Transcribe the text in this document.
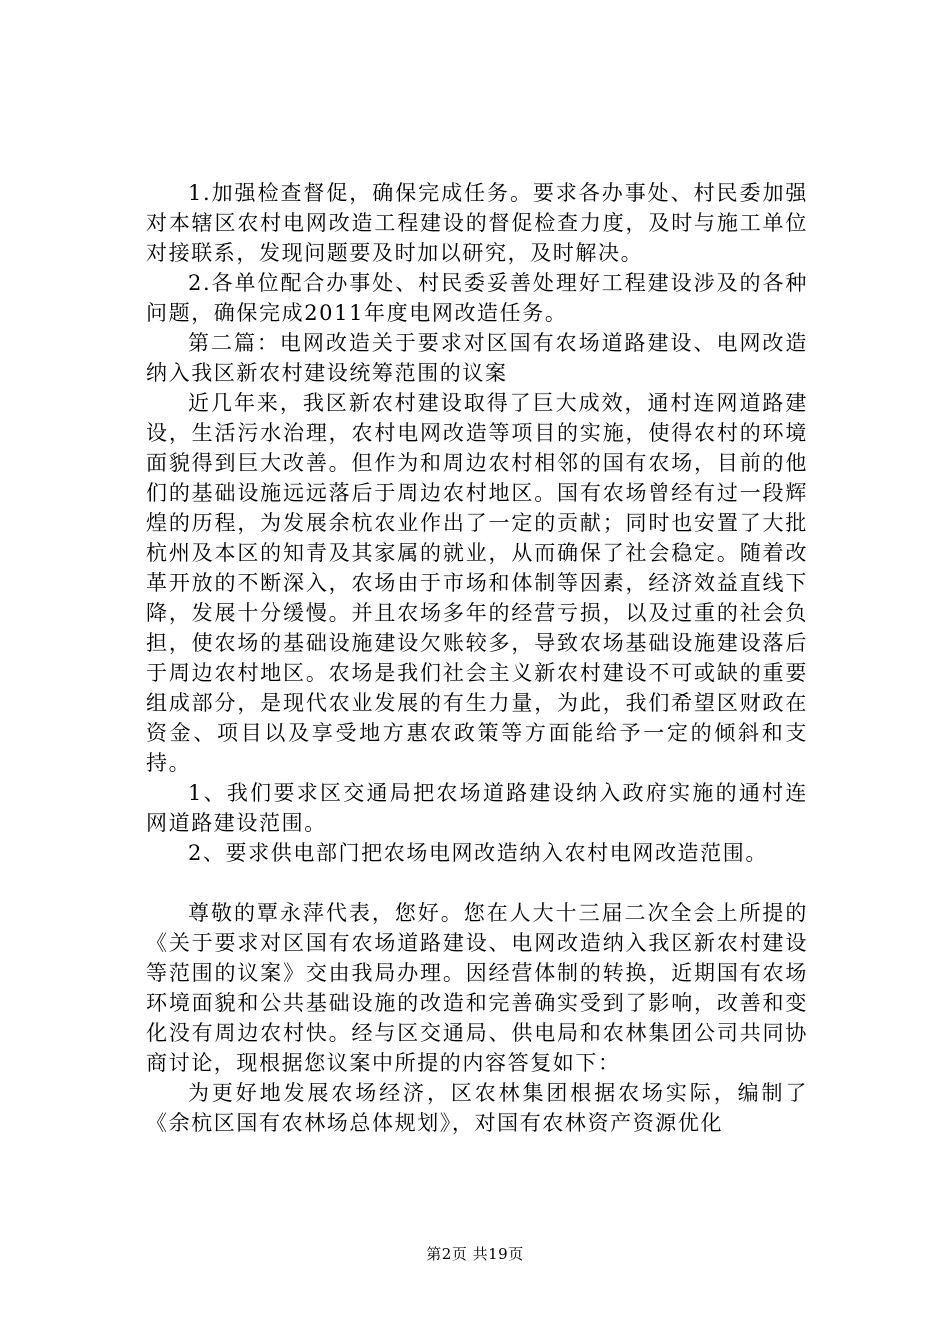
1.加强检查督促，确保完成任务。要求各办事处、村民委加强对本辖区农村电网改造工程建设的督促检查力度，及时与施工单位对接联系，发现问题要及时加以研究，及时解决。

2.各单位配合办事处、村民委妥善处理好工程建设涉及的各种问题，确保完成2011年度电网改造任务。

第二篇：电网改造关于要求对区国有农场道路建设、电网改造纳入我区新农村建设统筹范围的议案

近几年来，我区新农村建设取得了巨大成效，通村连网道路建设，生活污水治理，农村电网改造等项目的实施，使得农村的环境面貌得到巨大改善。但作为和周边农村相邻的国有农场，目前的他们的基础设施远远落后于周边农村地区。国有农场曾经有过一段辉煌的历程，为发展余杭农业作出了一定的贡献；同时也安置了大批杭州及本区的知青及其家属的就业，从而确保了社会稳定。随着改革开放的不断深入，农场由于市场和体制等因素，经济效益直线下降，发展十分缓慢。并且农场多年的经营亏损，以及过重的社会负担，使农场的基础设施建设欠账较多，导致农场基础设施建设落后于周边农村地区。农场是我们社会主义新农村建设不可或缺的重要组成部分，是现代农业发展的有生力量，为此，我们希望区财政在资金、项目以及享受地方惠农政策等方面能给予一定的倾斜和支持。

1、我们要求区交通局把农场道路建设纳入政府实施的通村连网道路建设范围。

2、要求供电部门把农场电网改造纳入农村电网改造范围。

尊敬的覃永萍代表，您好。您在人大十三届二次全会上所提的《关于要求对区国有农场道路建设、电网改造纳入我区新农村建设等范围的议案》交由我局办理。因经营体制的转换，近期国有农场环境面貌和公共基础设施的改造和完善确实受到了影响，改善和变化没有周边农村快。经与区交通局、供电局和农林集团公司共同协商讨论，现根据您议案中所提的内容答复如下：

为更好地发展农场经济，区农林集团根据农场实际，编制了《余杭区国有农林场总体规划》，对国有农林资产资源优化

第2页 共19页
